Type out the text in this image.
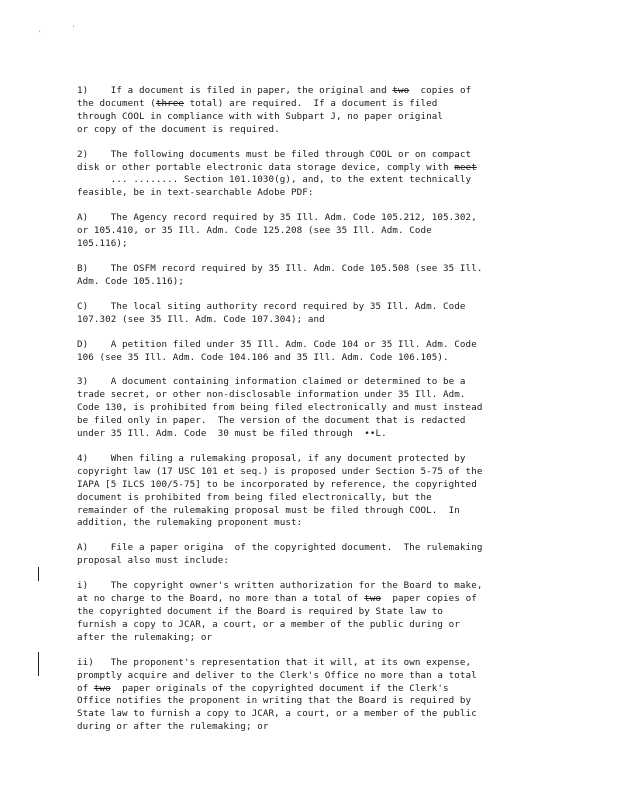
'
'
1)    If a document is filed in paper, the original and two  copies of
the document (three total) are required.  If a document is filed
through COOL in compliance with with Subpart J, no paper original
or copy of the document is required.
2)    The following documents must be filed through COOL or on compact
disk or other portable electronic data storage device, comply with meet
... ........ Section 101.1030(g), and, to the extent technically
feasible, be in text-searchable Adobe PDF:
A)    The Agency record required by 35 Ill. Adm. Code 105.212, 105.302,
or 105.410, or 35 Ill. Adm. Code 125.208 (see 35 Ill. Adm. Code
105.116);
B)    The OSFM record required by 35 Ill. Adm. Code 105.508 (see 35 Ill.
Adm. Code 105.116);
C)    The local siting authority record required by 35 Ill. Adm. Code
107.302 (see 35 Ill. Adm. Code 107.304); and
D)    A petition filed under 35 Ill. Adm. Code 104 or 35 Ill. Adm. Code
106 (see 35 Ill. Adm. Code 104.106 and 35 Ill. Adm. Code 106.105).
3)    A document containing information claimed or determined to be a
trade secret, or other non-disclosable information under 35 Ill. Adm.
Code 130, is prohibited from being filed electronically and must instead
be filed only in paper.  The version of the document that is redacted
under 35 Ill. Adm. Code  30 must be filed through  ••L.
4)    When filing a rulemaking proposal, if any document protected by
copyright law (17 USC 101 et seq.) is proposed under Section 5-75 of the
IAPA [5 ILCS 100/5-75] to be incorporated by reference, the copyrighted
document is prohibited from being filed electronically, but the
remainder of the rulemaking proposal must be filed through COOL.  In
addition, the rulemaking proponent must:
A)    File a paper origina  of the copyrighted document.  The rulemaking
proposal also must include:
i)    The copyright owner's written authorization for the Board to make,
at no charge to the Board, no more than a total of two  paper copies of
the copyrighted document if the Board is required by State law to
furnish a copy to JCAR, a court, or a member of the public during or
after the rulemaking; or
ii)   The proponent's representation that it will, at its own expense,
promptly acquire and deliver to the Clerk's Office no more than a total
of two  paper originals of the copyrighted document if the Clerk's
Office notifies the proponent in writing that the Board is required by
State law to furnish a copy to JCAR, a court, or a member of the public
during or after the rulemaking; or
